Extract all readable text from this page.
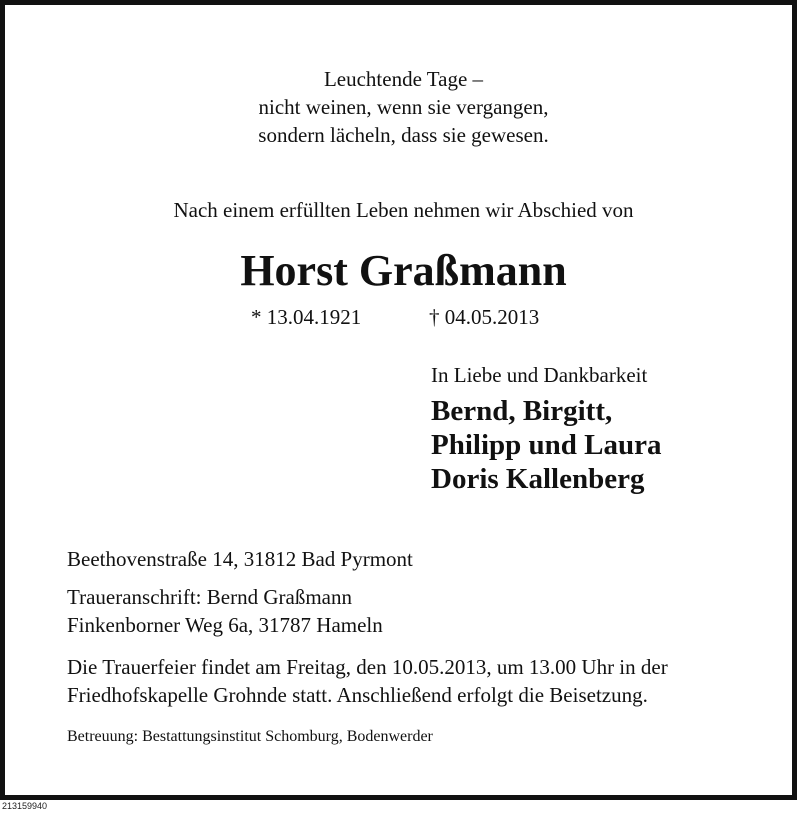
Leuchtende Tage –
nicht weinen, wenn sie vergangen,
sondern lächeln, dass sie gewesen.
Nach einem erfüllten Leben nehmen wir Abschied von
Horst Graßmann
* 13.04.1921	† 04.05.2013
In Liebe und Dankbarkeit
Bernd, Birgitt,
Philipp und Laura
Doris Kallenberg
Beethovenstraße 14, 31812 Bad Pyrmont
Traueranschrift: Bernd Graßmann
Finkenborner Weg 6a, 31787 Hameln
Die Trauerfeier findet am Freitag, den 10.05.2013, um 13.00 Uhr in der
Friedhofskapelle Grohnde statt. Anschließend erfolgt die Beisetzung.
Betreuung: Bestattungsinstitut Schomburg, Bodenwerder
213159940
